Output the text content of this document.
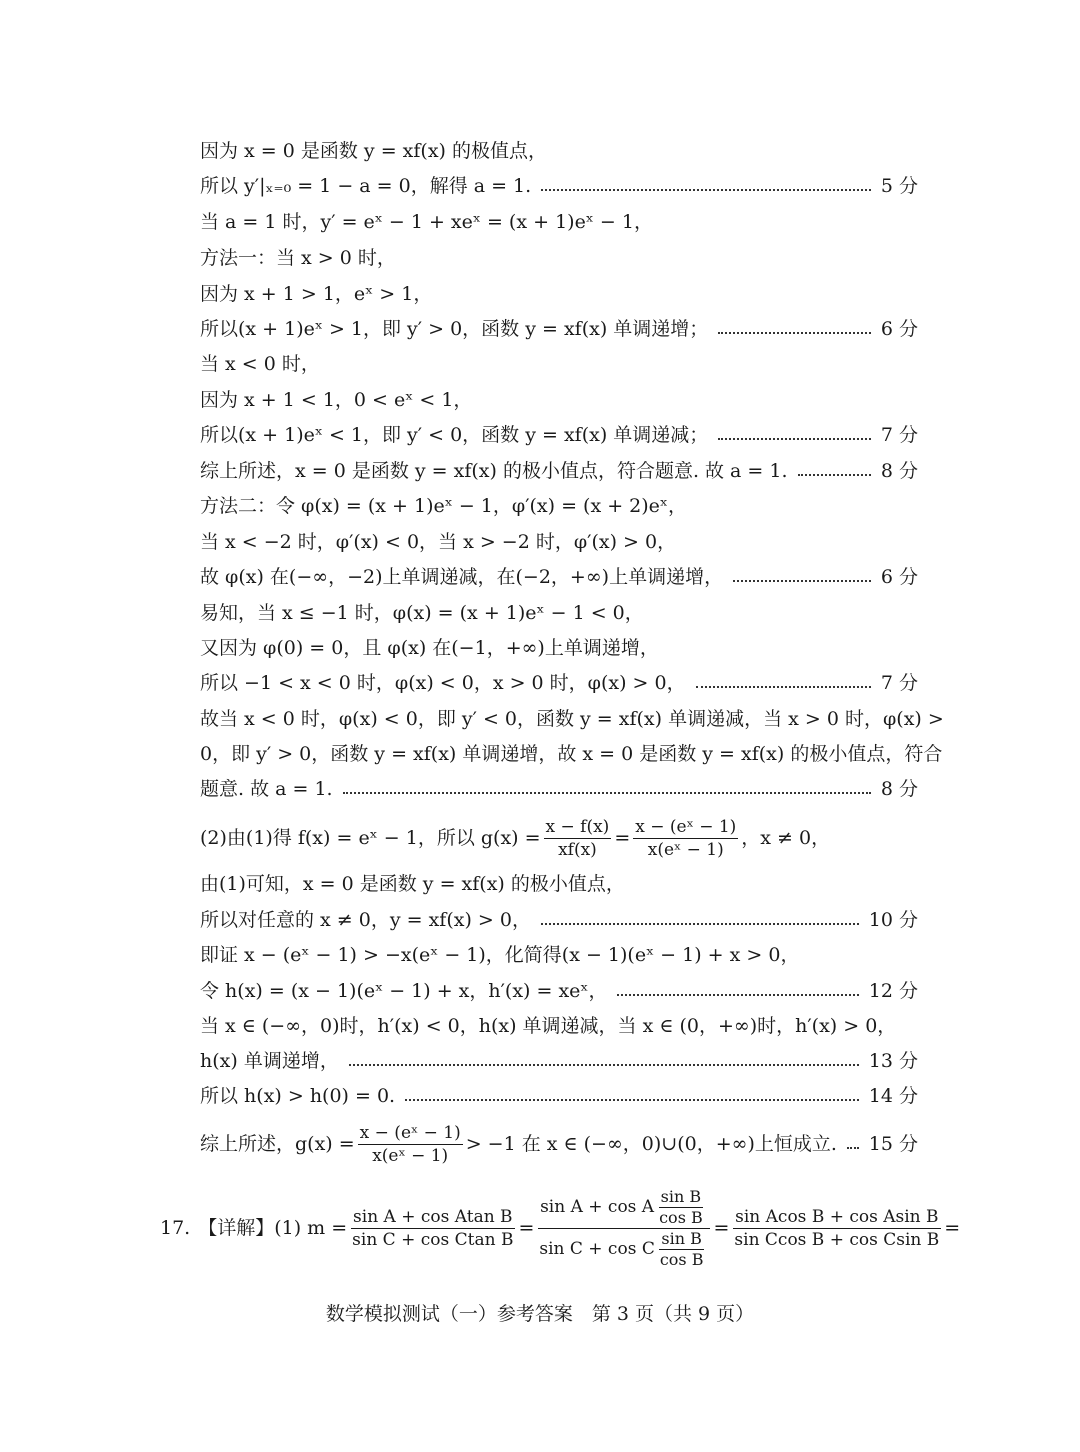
因为 x = 0 是函数 y = xf(x) 的极值点，
所以 y′|ₓ₌₀ = 1 − a = 0，解得 a = 1.	5 分
当 a = 1 时，y′ = eˣ − 1 + xeˣ = (x + 1)eˣ − 1，
方法一：当 x > 0 时，
因为 x + 1 > 1，eˣ > 1，
所以(x + 1)eˣ > 1，即 y′ > 0，函数 y = xf(x) 单调递增；	6 分
当 x < 0 时，
因为 x + 1 < 1，0 < eˣ < 1，
所以(x + 1)eˣ < 1，即 y′ < 0，函数 y = xf(x) 单调递减；	7 分
综上所述，x = 0 是函数 y = xf(x) 的极小值点，符合题意. 故 a = 1.	8 分
方法二：令 φ(x) = (x + 1)eˣ − 1，φ′(x) = (x + 2)eˣ，
当 x < −2 时，φ′(x) < 0，当 x > −2 时，φ′(x) > 0，
故 φ(x) 在(−∞，−2)上单调递减，在(−2，+∞)上单调递增，	6 分
易知，当 x ≤ −1 时，φ(x) = (x + 1)eˣ − 1 < 0，
又因为 φ(0) = 0，且 φ(x) 在(−1，+∞)上单调递增，
所以 −1 < x < 0 时，φ(x) < 0，x > 0 时，φ(x) > 0，	7 分
故当 x < 0 时，φ(x) < 0，即 y′ < 0，函数 y = xf(x) 单调递减，当 x > 0 时，φ(x) >
0，即 y′ > 0，函数 y = xf(x) 单调递增，故 x = 0 是函数 y = xf(x) 的极小值点，符合
题意. 故 a = 1.	8 分
(2)由(1)得 f(x) = eˣ − 1，所以 $g(x) = \frac{x - f(x)}{xf(x)} = \frac{\text{x − (eˣ − 1)}}{\text{x(eˣ − 1)}}$ ，x ≠ 0，
由(1)可知，x = 0 是函数 y = xf(x) 的极小值点，
所以对任意的 x ≠ 0，y = xf(x) > 0，	10 分
即证 x − (eˣ − 1) > −x(eˣ − 1)，化简得(x − 1)(eˣ − 1) + x > 0，
令 h(x) = (x − 1)(eˣ − 1) + x，h′(x) = xeˣ，	12 分
当 x ∈ (−∞，0)时，h′(x) < 0，h(x) 单调递减，当 x ∈ (0，+∞)时，h′(x) > 0，
h(x) 单调递增，	13 分
所以 h(x) > h(0) = 0.	14 分
综上所述，$g(x) = \frac{\text{x − (eˣ − 1)}}{\text{x(eˣ − 1)}} > -1$ 在 x ∈ (−∞，0)∪(0，+∞)上恒成立. 15 分
17. 【详解】(1) $m = \frac{\text{sin A + cos Atan B}}{\text{sin C + cos Ctan B}} = \frac{\sin A + \cos A \frac{\text{sin B}}{\text{cos B}}}{\sin C + \cos C \frac{\text{sin B}}{\text{cos B}}} = \frac{\text{sin Acos B + cos Asin B}}{\text{sin Ccos B + cos Csin B}}$ =
数学模拟测试（一）参考答案　第 3 页（共 9 页）
